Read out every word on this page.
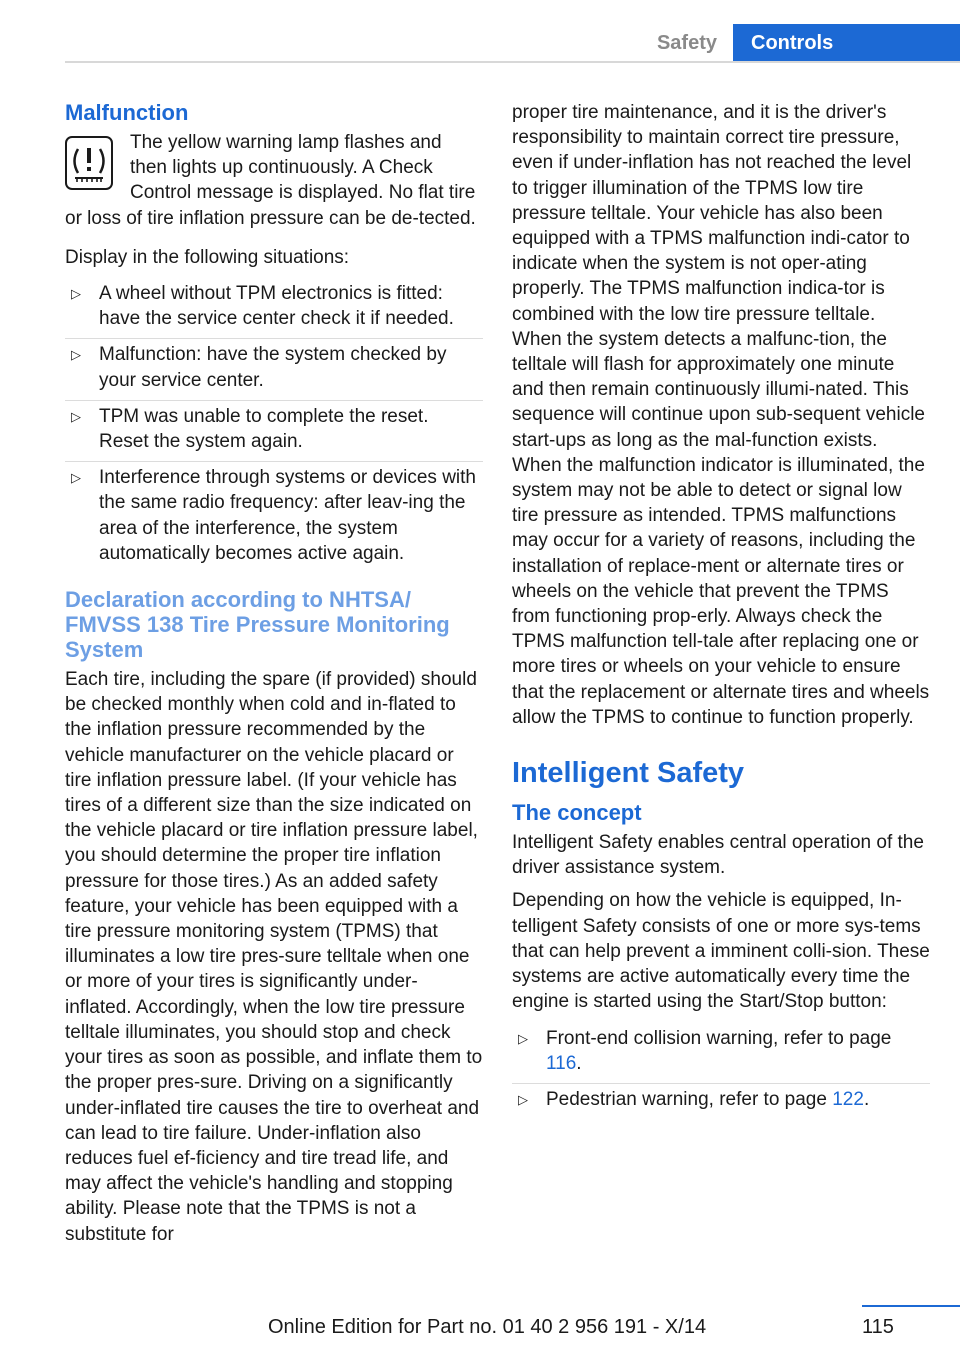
Safety	Controls
Malfunction

The yellow warning lamp flashes and then lights up continuously. A Check Control message is displayed. No flat tire or loss of tire inflation pressure can be de‐tected.

Display in the following situations:

▷ A wheel without TPM electronics is fitted: have the service center check it if needed.
▷ Malfunction: have the system checked by your service center.
▷ TPM was unable to complete the reset. Reset the system again.
▷ Interference through systems or devices with the same radio frequency: after leav‐ing the area of the interference, the system automatically becomes active again.
Declaration according to NHTSA/ FMVSS 138 Tire Pressure Monitoring System

Each tire, including the spare (if provided) should be checked monthly when cold and in‐flated to the inflation pressure recommended by the vehicle manufacturer on the vehicle placard or tire inflation pressure label. (If your vehicle has tires of a different size than the size indicated on the vehicle placard or tire inflation pressure label, you should determine the proper tire inflation pressure for those tires.) As an added safety feature, your vehicle has been equipped with a tire pressure monitoring system (TPMS) that illuminates a low tire pres‐sure telltale when one or more of your tires is significantly under-inflated. Accordingly, when the low tire pressure telltale illuminates, you should stop and check your tires as soon as possible, and inflate them to the proper pres‐sure. Driving on a significantly under-inflated tire causes the tire to overheat and can lead to tire failure. Under-inflation also reduces fuel ef‐ficiency and tire tread life, and may affect the vehicle's handling and stopping ability. Please note that the TPMS is not a substitute for

proper tire maintenance, and it is the driver's responsibility to maintain correct tire pressure, even if under-inflation has not reached the level to trigger illumination of the TPMS low tire pressure telltale. Your vehicle has also been equipped with a TPMS malfunction indi‐cator to indicate when the system is not oper‐ating properly. The TPMS malfunction indica‐tor is combined with the low tire pressure telltale. When the system detects a malfunc‐tion, the telltale will flash for approximately one minute and then remain continuously illumi‐nated. This sequence will continue upon sub‐sequent vehicle start-ups as long as the mal‐function exists. When the malfunction indicator is illuminated, the system may not be able to detect or signal low tire pressure as intended. TPMS malfunctions may occur for a variety of reasons, including the installation of replace‐ment or alternate tires or wheels on the vehicle that prevent the TPMS from functioning prop‐erly. Always check the TPMS malfunction tell‐tale after replacing one or more tires or wheels on your vehicle to ensure that the replacement or alternate tires and wheels allow the TPMS to continue to function properly.

Intelligent Safety
The concept

Intelligent Safety enables central operation of the driver assistance system.

Depending on how the vehicle is equipped, In‐telligent Safety consists of one or more sys‐tems that can help prevent a imminent colli‐sion. These systems are active automatically every time the engine is started using the Start/Stop button:

▷ Front-end collision warning, refer to page 116.
▷ Pedestrian warning, refer to page 122.
115
Online Edition for Part no. 01 40 2 956 191 - X/14
